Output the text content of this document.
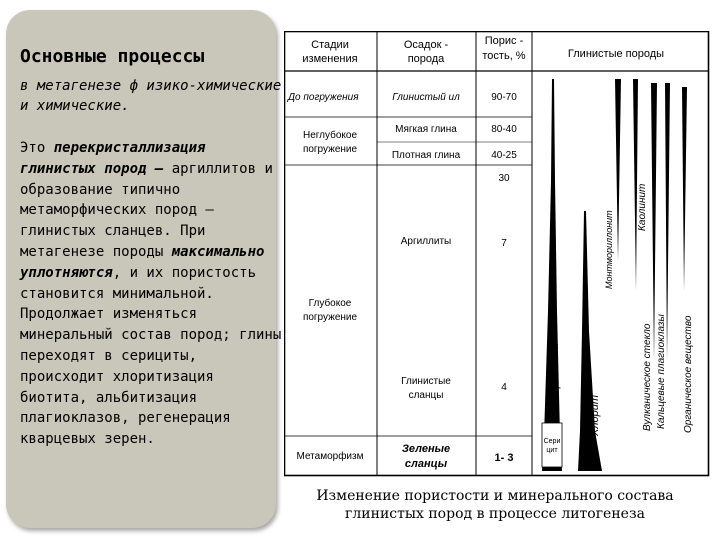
Основные процессы
в метагенезе ф изико-химические и химические.
Это перекристаллизация глинистых пород – аргиллитов и образование типично метаморфических пород – глинистых сланцев. При метагенезе породы максимально уплотняются, и их пористость становится минимальной. Продолжает изменяться минеральный состав пород; глины переходят в серициты, происходит хлоритизация биотита, альбитизация плагиоклазов, регенерация кварцевых зерен.
Стадии изменения
Осадок -порода
Порис -тость, %	Глинистые породы
До погружения
Неглубокое погружение
Глубокое погружение
Метаморфизм
Глинистый ил
Мягкая глина
Плотная глина
Аргиллиты
Глинистые сланцы
Зеленые сланцы
90-70
80-40
40-25
30
7
4
1- 3
Сери цит
Каолинит
Монтмориллонит
Гидрослюда
Хлорит	Вулканическое стекло Кальцевые плагиоклазы Органическое вещество
Изменение пористости и минерального состава глинистых пород в процессе литогенеза
